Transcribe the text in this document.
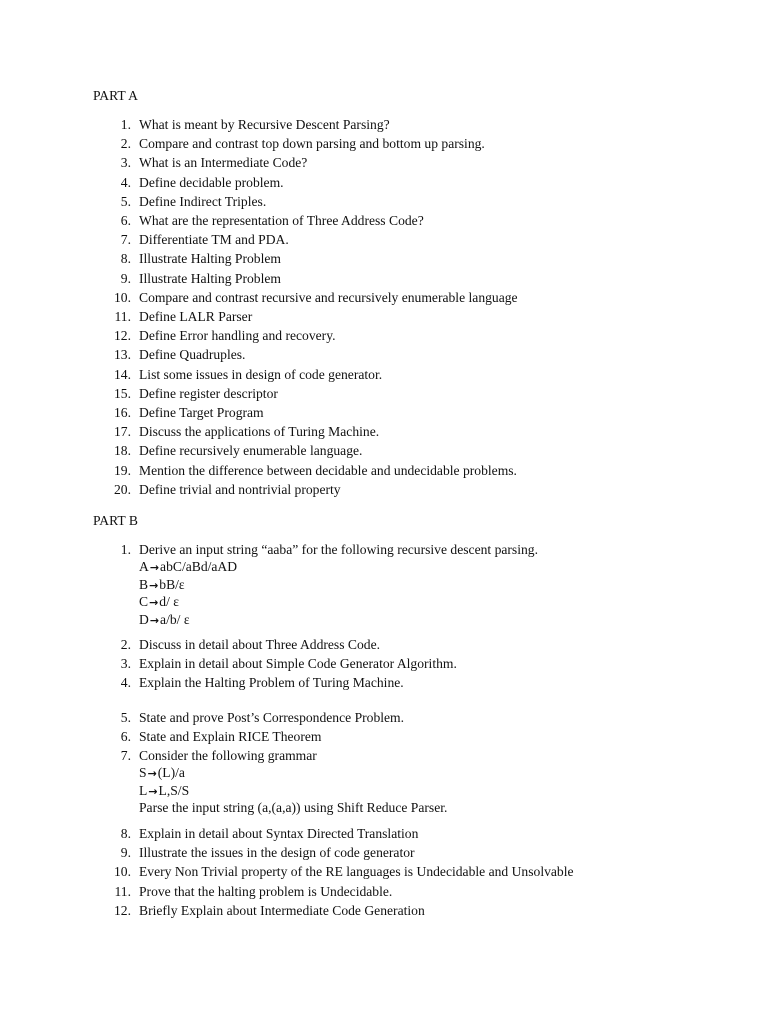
PART A
1. What is meant by Recursive Descent Parsing?
2. Compare and contrast top down parsing and bottom up parsing.
3. What is an Intermediate Code?
4. Define decidable problem.
5. Define Indirect Triples.
6. What are the representation of Three Address Code?
7. Differentiate TM and PDA.
8. Illustrate Halting Problem
9. Illustrate Halting Problem
10. Compare and contrast recursive and recursively enumerable language
11. Define LALR Parser
12. Define Error handling and recovery.
13. Define Quadruples.
14. List some issues in design of code generator.
15. Define register descriptor
16. Define Target Program
17. Discuss the applications of Turing Machine.
18. Define recursively enumerable language.
19. Mention the difference between decidable and undecidable problems.
20. Define trivial and nontrivial property
PART B
1. Derive an input string “aaba” for the following recursive descent parsing.
A→abC/aBd/aAD
B→bB/ε
C→d/ ε
D→a/b/ ε
2. Discuss in detail about Three Address Code.
3. Explain in detail about Simple Code Generator Algorithm.
4. Explain the Halting Problem of Turing Machine.
5. State and prove Post’s Correspondence Problem.
6. State and Explain RICE Theorem
7. Consider the following grammar
S→(L)/a
L→L,S/S
Parse the input string (a,(a,a)) using Shift Reduce Parser.
8. Explain in detail about Syntax Directed Translation
9. Illustrate the issues in the design of code generator
10. Every Non Trivial property of the RE languages is Undecidable and Unsolvable
11. Prove that the halting problem is Undecidable.
12. Briefly Explain about Intermediate Code Generation
